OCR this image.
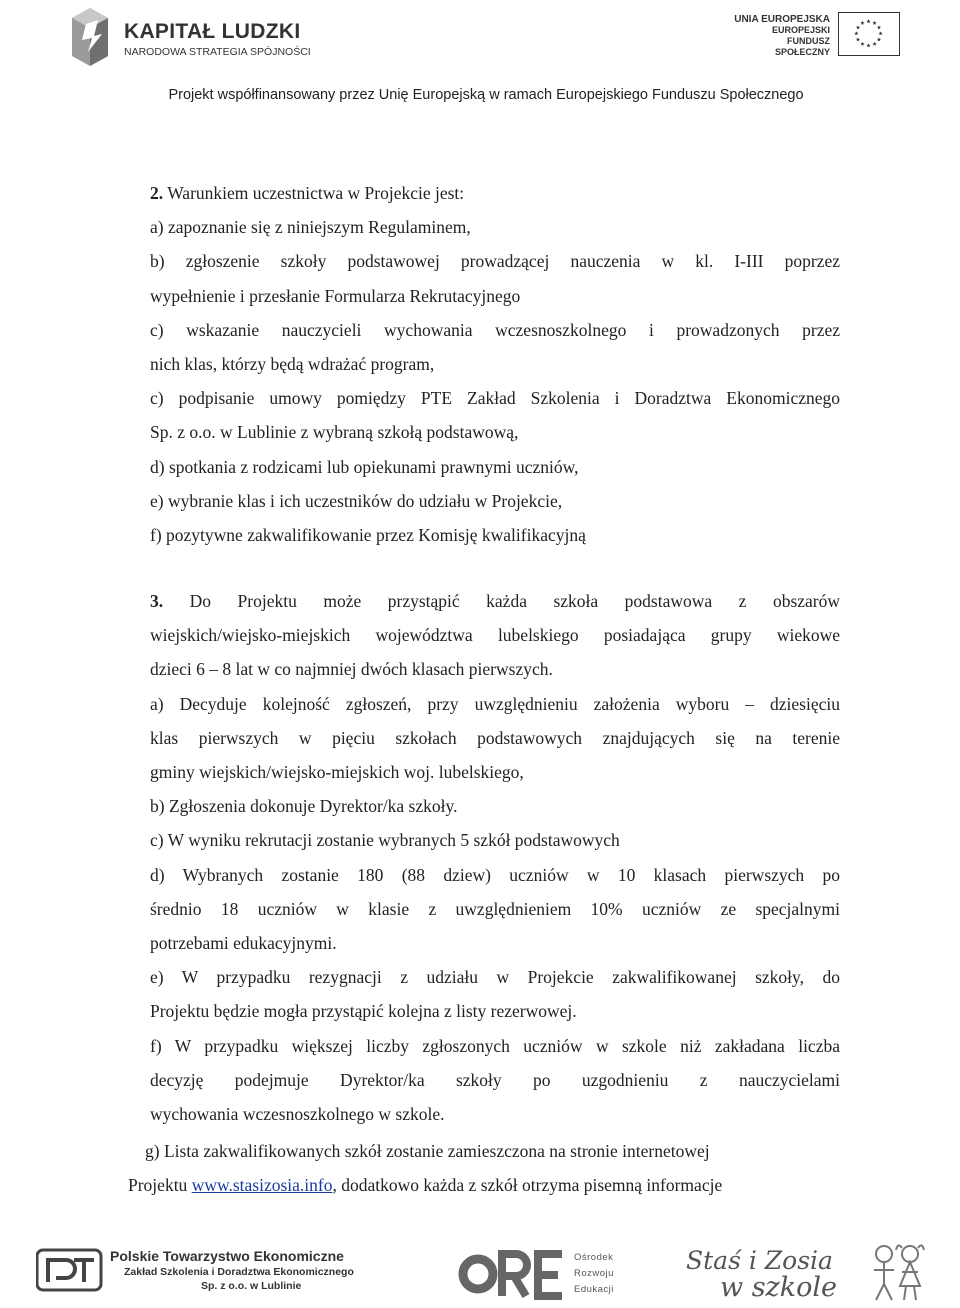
KAPITAŁ LUDZKI
NARODOWA STRATEGIA SPÓJNOŚCI
UNIA EUROPEJSKA
EUROPEJSKI
FUNDUSZ SPOŁECZNY
Projekt współfinansowany przez Unię Europejską w ramach Europejskiego Funduszu Społecznego
2. Warunkiem uczestnictwa w Projekcie jest:
a) zapoznanie się z niniejszym Regulaminem,
b) zgłoszenie szkoły podstawowej prowadzącej nauczenia w kl. I-III poprzez
wypełnienie i przesłanie Formularza Rekrutacyjnego
c) wskazanie nauczycieli wychowania wczesnoszkolnego i prowadzonych przez
nich klas, którzy będą wdrażać program,
c) podpisanie umowy pomiędzy PTE Zakład Szkolenia i Doradztwa Ekonomicznego
Sp. z o.o. w Lublinie z wybraną szkołą podstawową,
d) spotkania z rodzicami lub opiekunami prawnymi uczniów,
e) wybranie klas i ich uczestników do udziału w Projekcie,
f) pozytywne zakwalifikowanie przez Komisję kwalifikacyjną
3. Do Projektu może przystąpić każda szkoła podstawowa z obszarów
wiejskich/wiejsko-miejskich województwa lubelskiego posiadająca grupy wiekowe
dzieci 6 – 8 lat w co najmniej dwóch klasach pierwszych.
a) Decyduje kolejność zgłoszeń, przy uwzględnieniu założenia wyboru – dziesięciu
klas pierwszych w pięciu szkołach podstawowych znajdujących się na terenie
gminy wiejskich/wiejsko-miejskich woj. lubelskiego,
b) Zgłoszenia dokonuje Dyrektor/ka szkoły.
c) W wyniku rekrutacji zostanie wybranych 5 szkół podstawowych
d) Wybranych zostanie 180 (88 dziew) uczniów w 10 klasach pierwszych po
średnio 18 uczniów w klasie z uwzględnieniem 10% uczniów ze specjalnymi
potrzebami edukacyjnymi.
e) W przypadku rezygnacji z udziału w Projekcie zakwalifikowanej szkoły, do
Projektu będzie mogła przystąpić kolejna z listy rezerwowej.
f) W przypadku większej liczby zgłoszonych uczniów w szkole niż zakładana liczba
decyzję podejmuje Dyrektor/ka szkoły po uzgodnieniu z nauczycielami
wychowania wczesnoszkolnego w szkole.
g) Lista zakwalifikowanych szkół zostanie zamieszczona na stronie internetowej
Projektu www.stasizosia.info, dodatkowo każda z szkół otrzyma pisemną informacje
Polskie Towarzystwo Ekonomiczne
Zakład Szkolenia i Doradztwa Ekonomicznego
Sp. z o.o. w Lublinie
Ośrodek
Rozwoju
Edukacji
Staś i Zosia
w szkole
